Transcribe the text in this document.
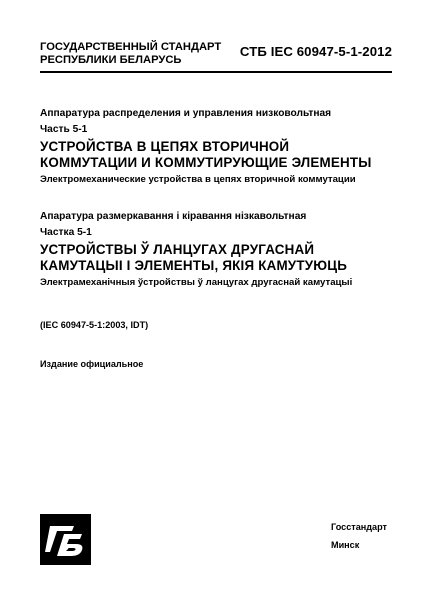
ГОСУДАРСТВЕННЫЙ СТАНДАРТ
РЕСПУБЛИКИ БЕЛАРУСЬ
СТБ IEC 60947-5-1-2012
Аппаратура распределения и управления низковольтная
Часть 5-1
УСТРОЙСТВА В ЦЕПЯХ ВТОРИЧНОЙ
КОММУТАЦИИ И КОММУТИРУЮЩИЕ ЭЛЕМЕНТЫ
Электромеханические устройства в цепях вторичной коммутации
Апаратура размеркавання і кіравання нізкавольтная
Частка 5-1
УСТРОЙСТВЫ Ў ЛАНЦУГАХ ДРУГАСНАЙ
КАМУТАЦЫІ І ЭЛЕМЕНТЫ, ЯКІЯ КАМУТУЮЦЬ
Электрамеханічныя ўстройствы ў ланцугах другаснай камутацыі
(IEC 60947-5-1:2003, IDT)
Издание официальное
Госстандарт
Минск
